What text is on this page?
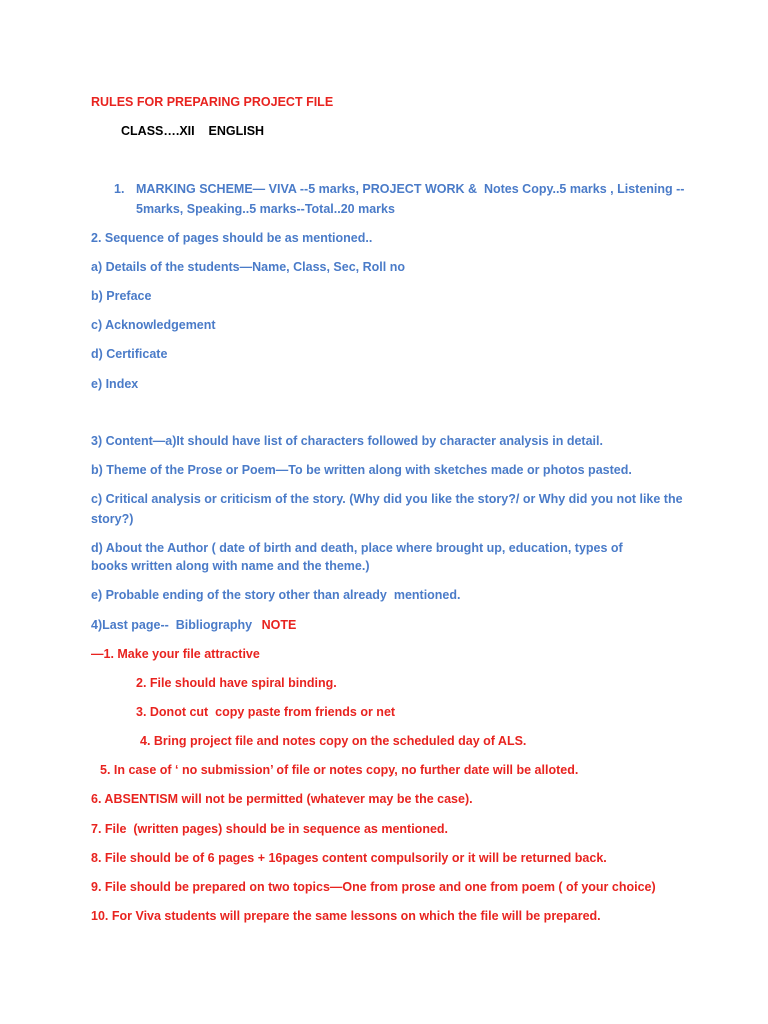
RULES FOR PREPARING PROJECT FILE
CLASS….XII    ENGLISH
1. MARKING SCHEME— VIVA --5 marks, PROJECT WORK &  Notes Copy..5 marks , Listening --
5marks, Speaking..5 marks--Total..20 marks
2. Sequence of pages should be as mentioned..
a) Details of the students—Name, Class, Sec, Roll no
b) Preface
c) Acknowledgement
d) Certificate
e) Index
3) Content—a)It should have list of characters followed by character analysis in detail.
b) Theme of the Prose or Poem—To be written along with sketches made or photos pasted.
c) Critical analysis or criticism of the story. (Why did you like the story?/ or Why did you not like the
story?)
d) About the Author ( date of birth and death, place where brought up, education, types of
books written along with name and the theme.)
e) Probable ending of the story other than already  mentioned.
4)Last page--  Bibliography NOTE
—1. Make your file attractive
2. File should have spiral binding.
3. Donot cut  copy paste from friends or net
4. Bring project file and notes copy on the scheduled day of ALS.
5. In case of ‘ no submission’ of file or notes copy, no further date will be alloted.
6. ABSENTISM will not be permitted (whatever may be the case).
7. File  (written pages) should be in sequence as mentioned.
8. File should be of 6 pages + 16pages content compulsorily or it will be returned back.
9. File should be prepared on two topics—One from prose and one from poem ( of your choice)
10. For Viva students will prepare the same lessons on which the file will be prepared.
